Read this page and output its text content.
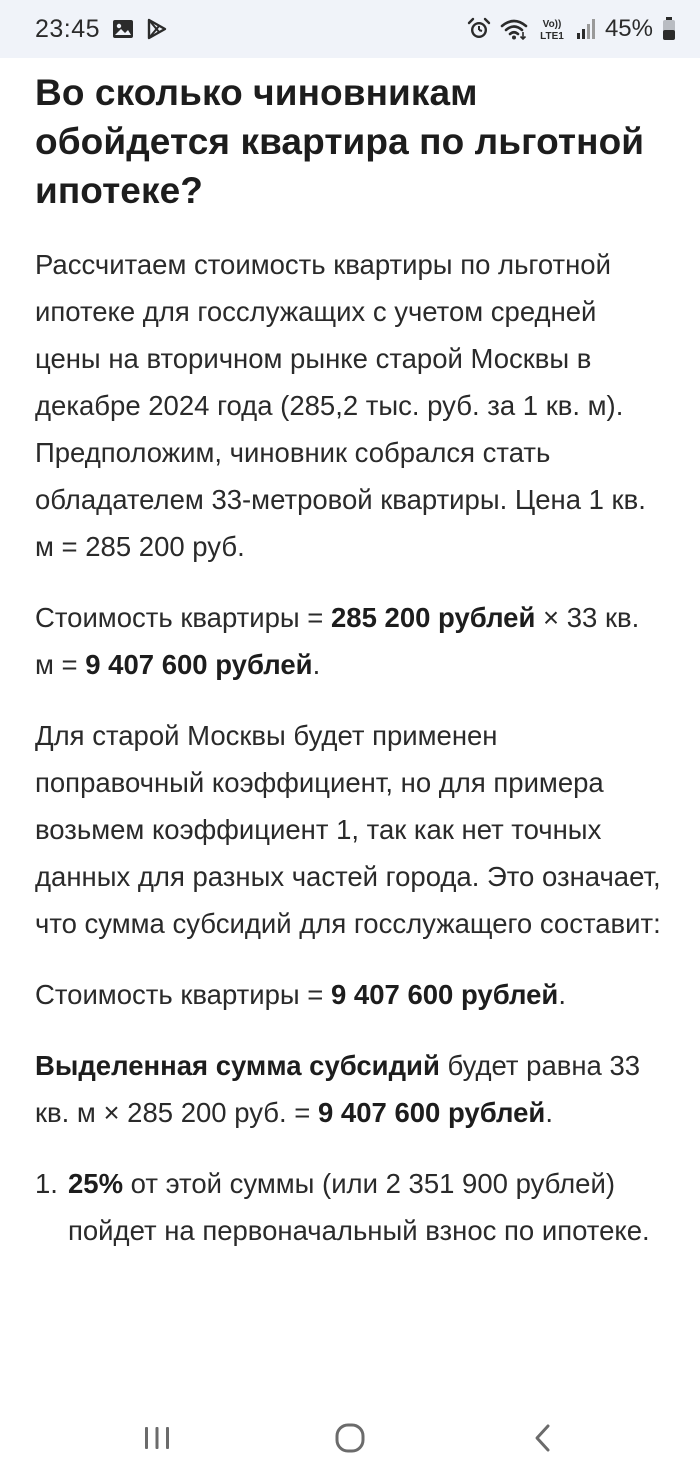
23:45	Vo))
LTE1 45%
Во сколько чиновникам обойдется квартира по льготной ипотеке?

Рассчитаем стоимость квартиры по льготной ипотеке для госслужащих с учетом средней цены на вторичном рынке старой Москвы в декабре 2024 года (285,2 тыс. руб. за 1 кв. м). Предположим, чиновник собрался стать обладателем 33-метровой квартиры. Цена 1 кв. м = 285 200 руб.

Стоимость квартиры = 285 200 рублей × 33 кв. м = 9 407 600 рублей.

Для старой Москвы будет применен поправочный коэффициент, но для примера возьмем коэффициент 1, так как нет точных данных для разных частей города. Это означает, что сумма субсидий для госслужащего составит:

Стоимость квартиры = 9 407 600 рублей.

Выделенная сумма субсидий будет равна 33 кв. м × 285 200 руб. = 9 407 600 рублей.

1. 25% от этой суммы (или 2 351 900 рублей) пойдет на первоначальный взнос по ипотеке.
